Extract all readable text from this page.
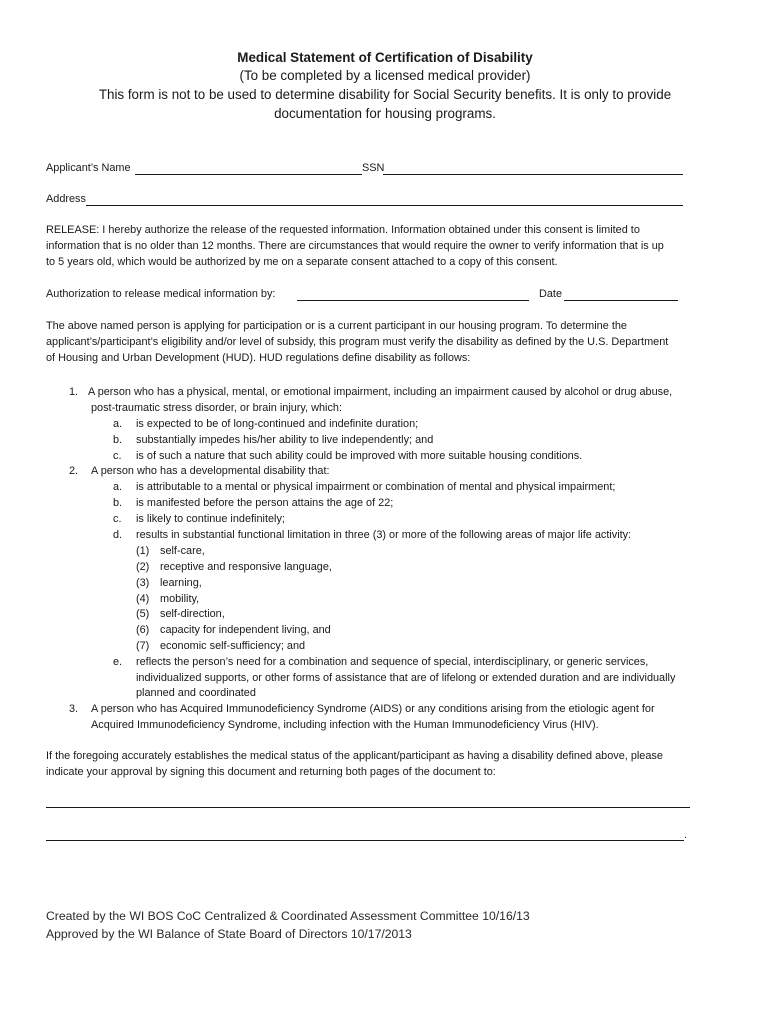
Medical Statement of Certification of Disability
(To be completed by a licensed medical provider)
This form is not to be used to determine disability for Social Security benefits. It is only to provide
documentation for housing programs.
Applicant’s Name	SSN
Address
RELEASE: I hereby authorize the release of the requested information. Information obtained under this consent is limited to
information that is no older than 12 months. There are circumstances that would require the owner to verify information that is up
to 5 years old, which would be authorized by me on a separate consent attached to a copy of this consent.
Authorization to release medical information by:	Date
The above named person is applying for participation or is a current participant in our housing program. To determine the
applicant’s/participant’s eligibility and/or level of subsidy, this program must verify the disability as defined by the U.S. Department
of Housing and Urban Development (HUD). HUD regulations define disability as follows:
1. A person who has a physical, mental, or emotional impairment, including an impairment caused by alcohol or drug abuse,
post-traumatic stress disorder, or brain injury, which:
a. is expected to be of long-continued and indefinite duration;
b. substantially impedes his/her ability to live independently; and
c. is of such a nature that such ability could be improved with more suitable housing conditions.
2. A person who has a developmental disability that:
a. is attributable to a mental or physical impairment or combination of mental and physical impairment;
b. is manifested before the person attains the age of 22;
c. is likely to continue indefinitely;
d. results in substantial functional limitation in three (3) or more of the following areas of major life activity:
(1) self-care,
(2) receptive and responsive language,
(3) learning,
(4) mobility,
(5) self-direction,
(6) capacity for independent living, and
(7) economic self-sufficiency; and
e. reflects the person’s need for a combination and sequence of special, interdisciplinary, or generic services,
individualized supports, or other forms of assistance that are of lifelong or extended duration and are individually
planned and coordinated
3. A person who has Acquired Immunodeficiency Syndrome (AIDS) or any conditions arising from the etiologic agent for
Acquired Immunodeficiency Syndrome, including infection with the Human Immunodeficiency Virus (HIV).
If the foregoing accurately establishes the medical status of the applicant/participant as having a disability defined above, please
indicate your approval by signing this document and returning both pages of the document to:
.
Created by the WI BOS CoC Centralized & Coordinated Assessment Committee 10/16/13
Approved by the WI Balance of State Board of Directors 10/17/2013
